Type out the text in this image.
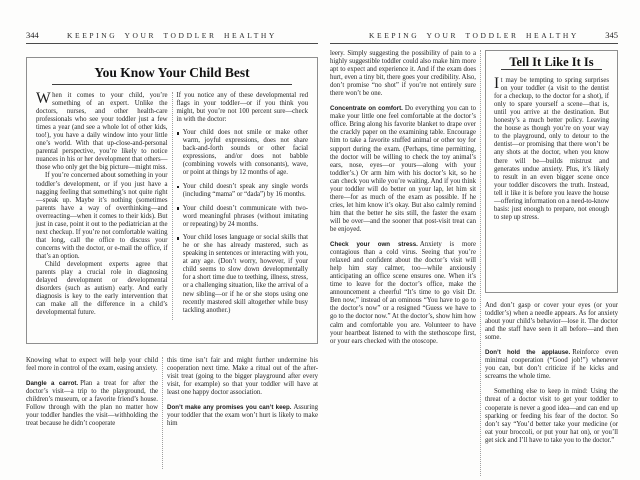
344	KEEPING YOUR TODDLER HEALTHY
You Know Your Child Best

When it comes to your child, you’re something of an expert. Unlike the doctors, nurses, and other health-care professionals who see your toddler just a few times a year (and see a whole lot of other kids, too!), you have a daily window into your little one’s world. With that up-close-and-personal parental perspective, you’re likely to notice nuances in his or her development that others—those who only get the big picture—might miss.

If you’re concerned about something in your toddler’s development, or if you just have a nagging feeling that something’s not quite right—speak up. Maybe it’s nothing (sometimes parents have a way of overthinking—and overreacting—when it comes to their kids). But just in case, point it out to the pediatrician at the next checkup. If you’re not comfortable waiting that long, call the office to discuss your concerns with the doctor, or e-mail the office, if that’s an option.

Child development experts agree that parents play a crucial role in diagnosing delayed development or developmental disorders (such as autism) early. And early diagnosis is key to the early intervention that can make all the difference in a child’s developmental future.

If you notice any of these developmental red flags in your toddler—or if you think you might, but you’re not 100 percent sure—check in with the doctor:

Your child does not smile or make other warm, joyful expressions, does not share back-and-forth sounds or other facial expressions, and/or does not babble (combining vowels with consonants), wave, or point at things by 12 months of age.
Your child doesn’t speak any single words (including “mama” or “dada”) by 16 months.
Your child doesn’t communicate with two-word meaningful phrases (without imitating or repeating) by 24 months.
Your child loses language or social skills that he or she has already mastered, such as speaking in sentences or interacting with you, at any age. (Don’t worry, however, if your child seems to slow down developmentally for a short time due to teething, illness, stress, or a challenging situation, like the arrival of a new sibling—or if he or she stops using one recently mastered skill altogether while busy tackling another.)

Knowing what to expect will help your child feel more in control of the exam, easing anxiety.

Dangle a carrot. Plan a treat for after the doctor’s visit—a trip to the playground, the children’s museum, or a favorite friend’s house. Follow through with the plan no matter how your toddler handles the visit—withholding the treat because he didn’t cooperate

this time isn’t fair and might further undermine his cooperation next time. Make a ritual out of the after-visit treat (going to the bigger playground after every visit, for example) so that your toddler will have at least one happy doctor association.

Don’t make any promises you can’t keep. Assuring your toddler that the exam won’t hurt is likely to make him

KEEPING YOUR TODDLER HEALTHY	345

leery. Simply suggesting the possibility of pain to a highly suggestible toddler could also make him more apt to expect and experience it. And if the exam does hurt, even a tiny bit, there goes your credibility. Also, don’t promise “no shot” if you’re not entirely sure there won’t be one.

Concentrate on comfort. Do everything you can to make your little one feel comfortable at the doctor’s office. Bring along his favorite blanket to drape over the crackly paper on the examining table. Encourage him to take a favorite stuffed animal or other toy for support during the exam. (Perhaps, time permitting, the doctor will be willing to check the toy animal’s ears, nose, eyes—or yours—along with your toddler’s.) Or arm him with his doctor’s kit, so he can check you while you’re waiting. And if you think your toddler will do better on your lap, let him sit there—for as much of the exam as possible. If he cries, let him know it’s okay. But also calmly remind him that the better he sits still, the faster the exam will be over—and the sooner that post-visit treat can be enjoyed.

Check your own stress. Anxiety is more contagious than a cold virus. Seeing that you’re relaxed and confident about the doctor’s visit will help him stay calmer, too—while anxiously anticipating an office scene ensures one. When it’s time to leave for the doctor’s office, make the announcement a cheerful “It’s time to go visit Dr. Ben now,” instead of an ominous “You have to go to the doctor’s now” or a resigned “Guess we have to go to the doctor now.” At the doctor’s, show him how calm and comfortable you are. Volunteer to have your heartbeat listened to with the stethoscope first, or your ears checked with the otoscope.

Tell It Like It Is

It may be tempting to spring surprises on your toddler (a visit to the dentist for a checkup, to the doctor for a shot), if only to spare yourself a scene—that is, until you arrive at the destination. But honesty’s a much better policy. Leaving the house as though you’re on your way to the playground, only to detour to the dentist—or promising that there won’t be any shots at the doctor, when you know there will be—builds mistrust and generates undue anxiety. Plus, it’s likely to result in an even bigger scene once your toddler discovers the truth. Instead, tell it like it is before you leave the house—offering information on a need-to-know basis: just enough to prepare, not enough to step up stress.

And don’t gasp or cover your eyes (or your toddler’s) when a needle appears. As for anxiety about your child’s behavior—lose it. The doctor and the staff have seen it all before—and then some.

Don’t hold the applause. Reinforce even minimal cooperation (“Good job!”) whenever you can, but don’t criticize if he kicks and screams the whole time.

Something else to keep in mind: Using the threat of a doctor visit to get your toddler to cooperate is never a good idea—and can end up sparking or feeding his fear of the doctor. So don’t say “You’d better take your medicine (or eat your broccoli, or put your hat on), or you’ll get sick and I’ll have to take you to the doctor.”
